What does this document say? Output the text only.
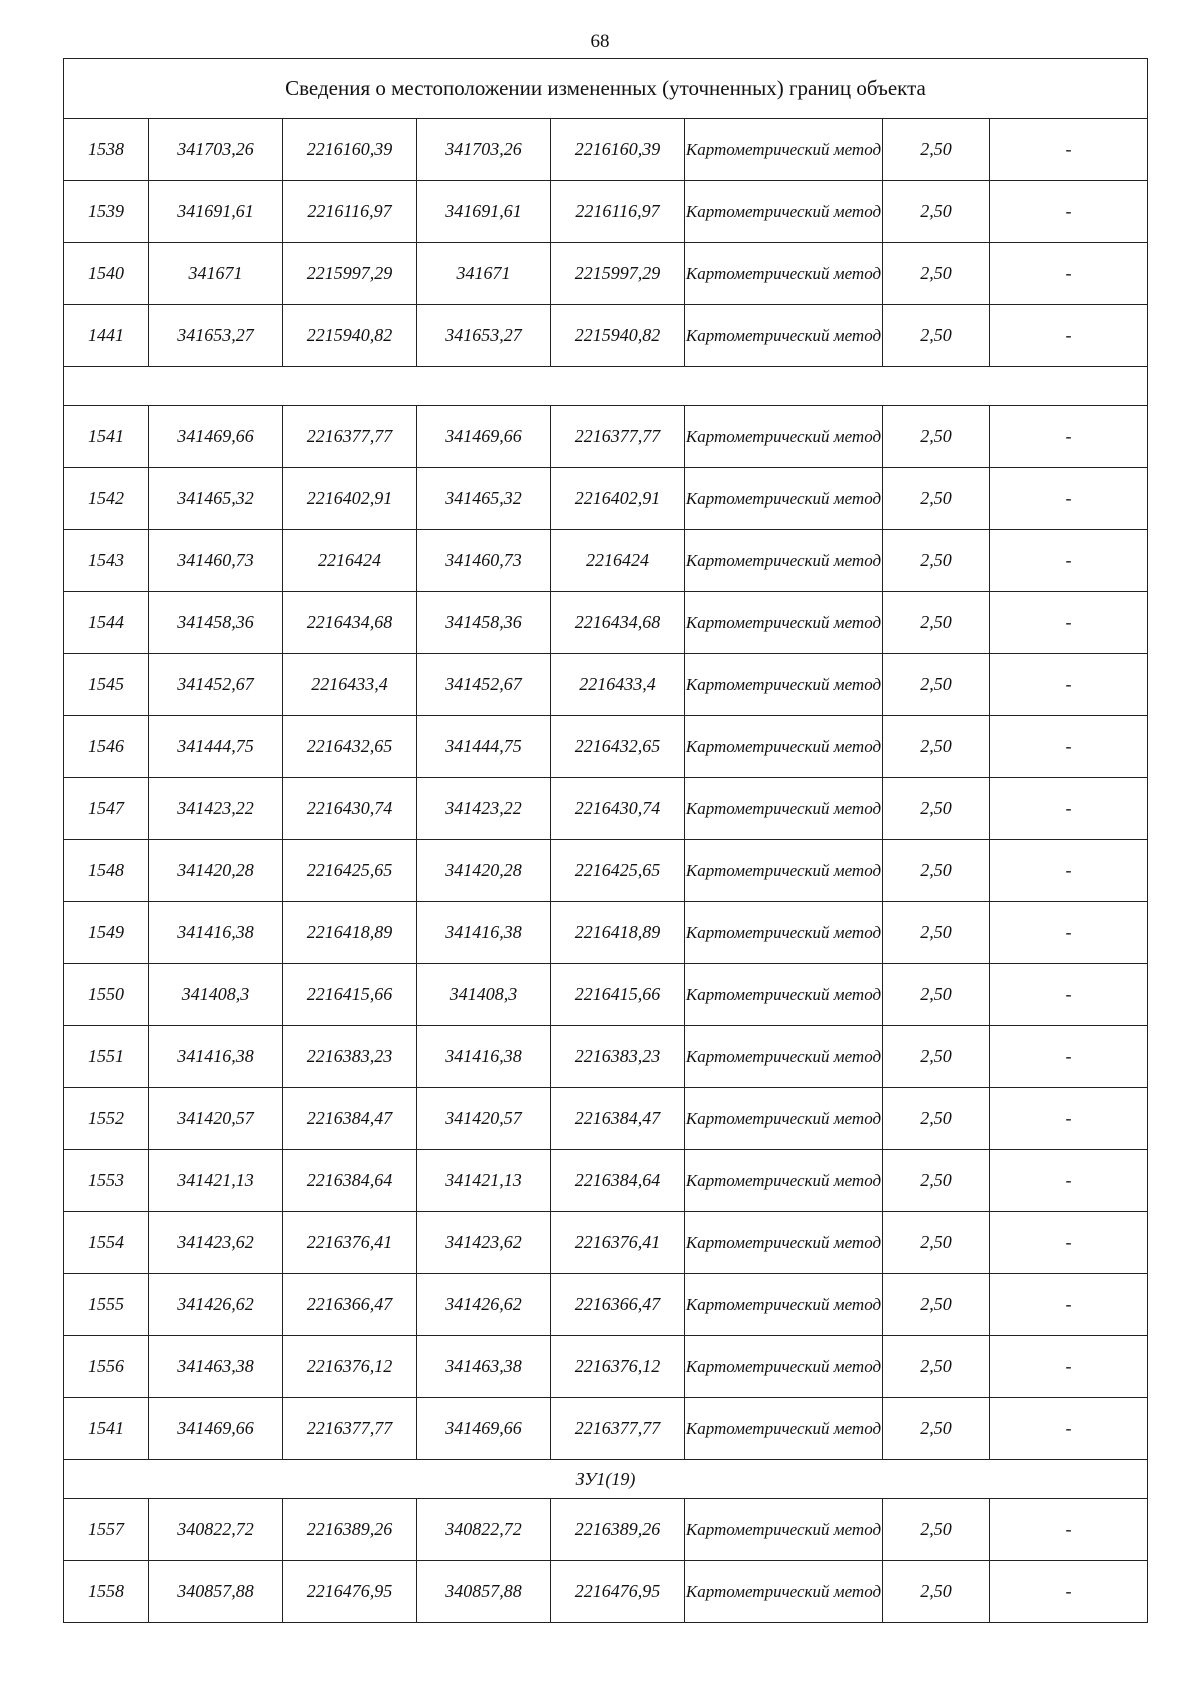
68
Сведения о местоположении измененных (уточненных) границ объекта							
1538	341703,26	2216160,39	341703,26	2216160,39	Картометрический метод	2,50	-
1539	341691,61	2216116,97	341691,61	2216116,97	Картометрический метод	2,50	-
1540	341671	2215997,29	341671	2215997,29	Картометрический метод	2,50	-
1441	341653,27	2215940,82	341653,27	2215940,82	Картометрический метод	2,50	-

1541	341469,66	2216377,77	341469,66	2216377,77	Картометрический метод	2,50	-
1542	341465,32	2216402,91	341465,32	2216402,91	Картометрический метод	2,50	-
1543	341460,73	2216424	341460,73	2216424	Картометрический метод	2,50	-
1544	341458,36	2216434,68	341458,36	2216434,68	Картометрический метод	2,50	-
1545	341452,67	2216433,4	341452,67	2216433,4	Картометрический метод	2,50	-
1546	341444,75	2216432,65	341444,75	2216432,65	Картометрический метод	2,50	-
1547	341423,22	2216430,74	341423,22	2216430,74	Картометрический метод	2,50	-
1548	341420,28	2216425,65	341420,28	2216425,65	Картометрический метод	2,50	-
1549	341416,38	2216418,89	341416,38	2216418,89	Картометрический метод	2,50	-
1550	341408,3	2216415,66	341408,3	2216415,66	Картометрический метод	2,50	-
1551	341416,38	2216383,23	341416,38	2216383,23	Картометрический метод	2,50	-
1552	341420,57	2216384,47	341420,57	2216384,47	Картометрический метод	2,50	-
1553	341421,13	2216384,64	341421,13	2216384,64	Картометрический метод	2,50	-
1554	341423,62	2216376,41	341423,62	2216376,41	Картометрический метод	2,50	-
1555	341426,62	2216366,47	341426,62	2216366,47	Картометрический метод	2,50	-
1556	341463,38	2216376,12	341463,38	2216376,12	Картометрический метод	2,50	-
1541	341469,66	2216377,77	341469,66	2216377,77	Картометрический метод	2,50	-
ЗУ1(19)							
1557	340822,72	2216389,26	340822,72	2216389,26	Картометрический метод	2,50	-
1558	340857,88	2216476,95	340857,88	2216476,95	Картометрический метод	2,50	-
